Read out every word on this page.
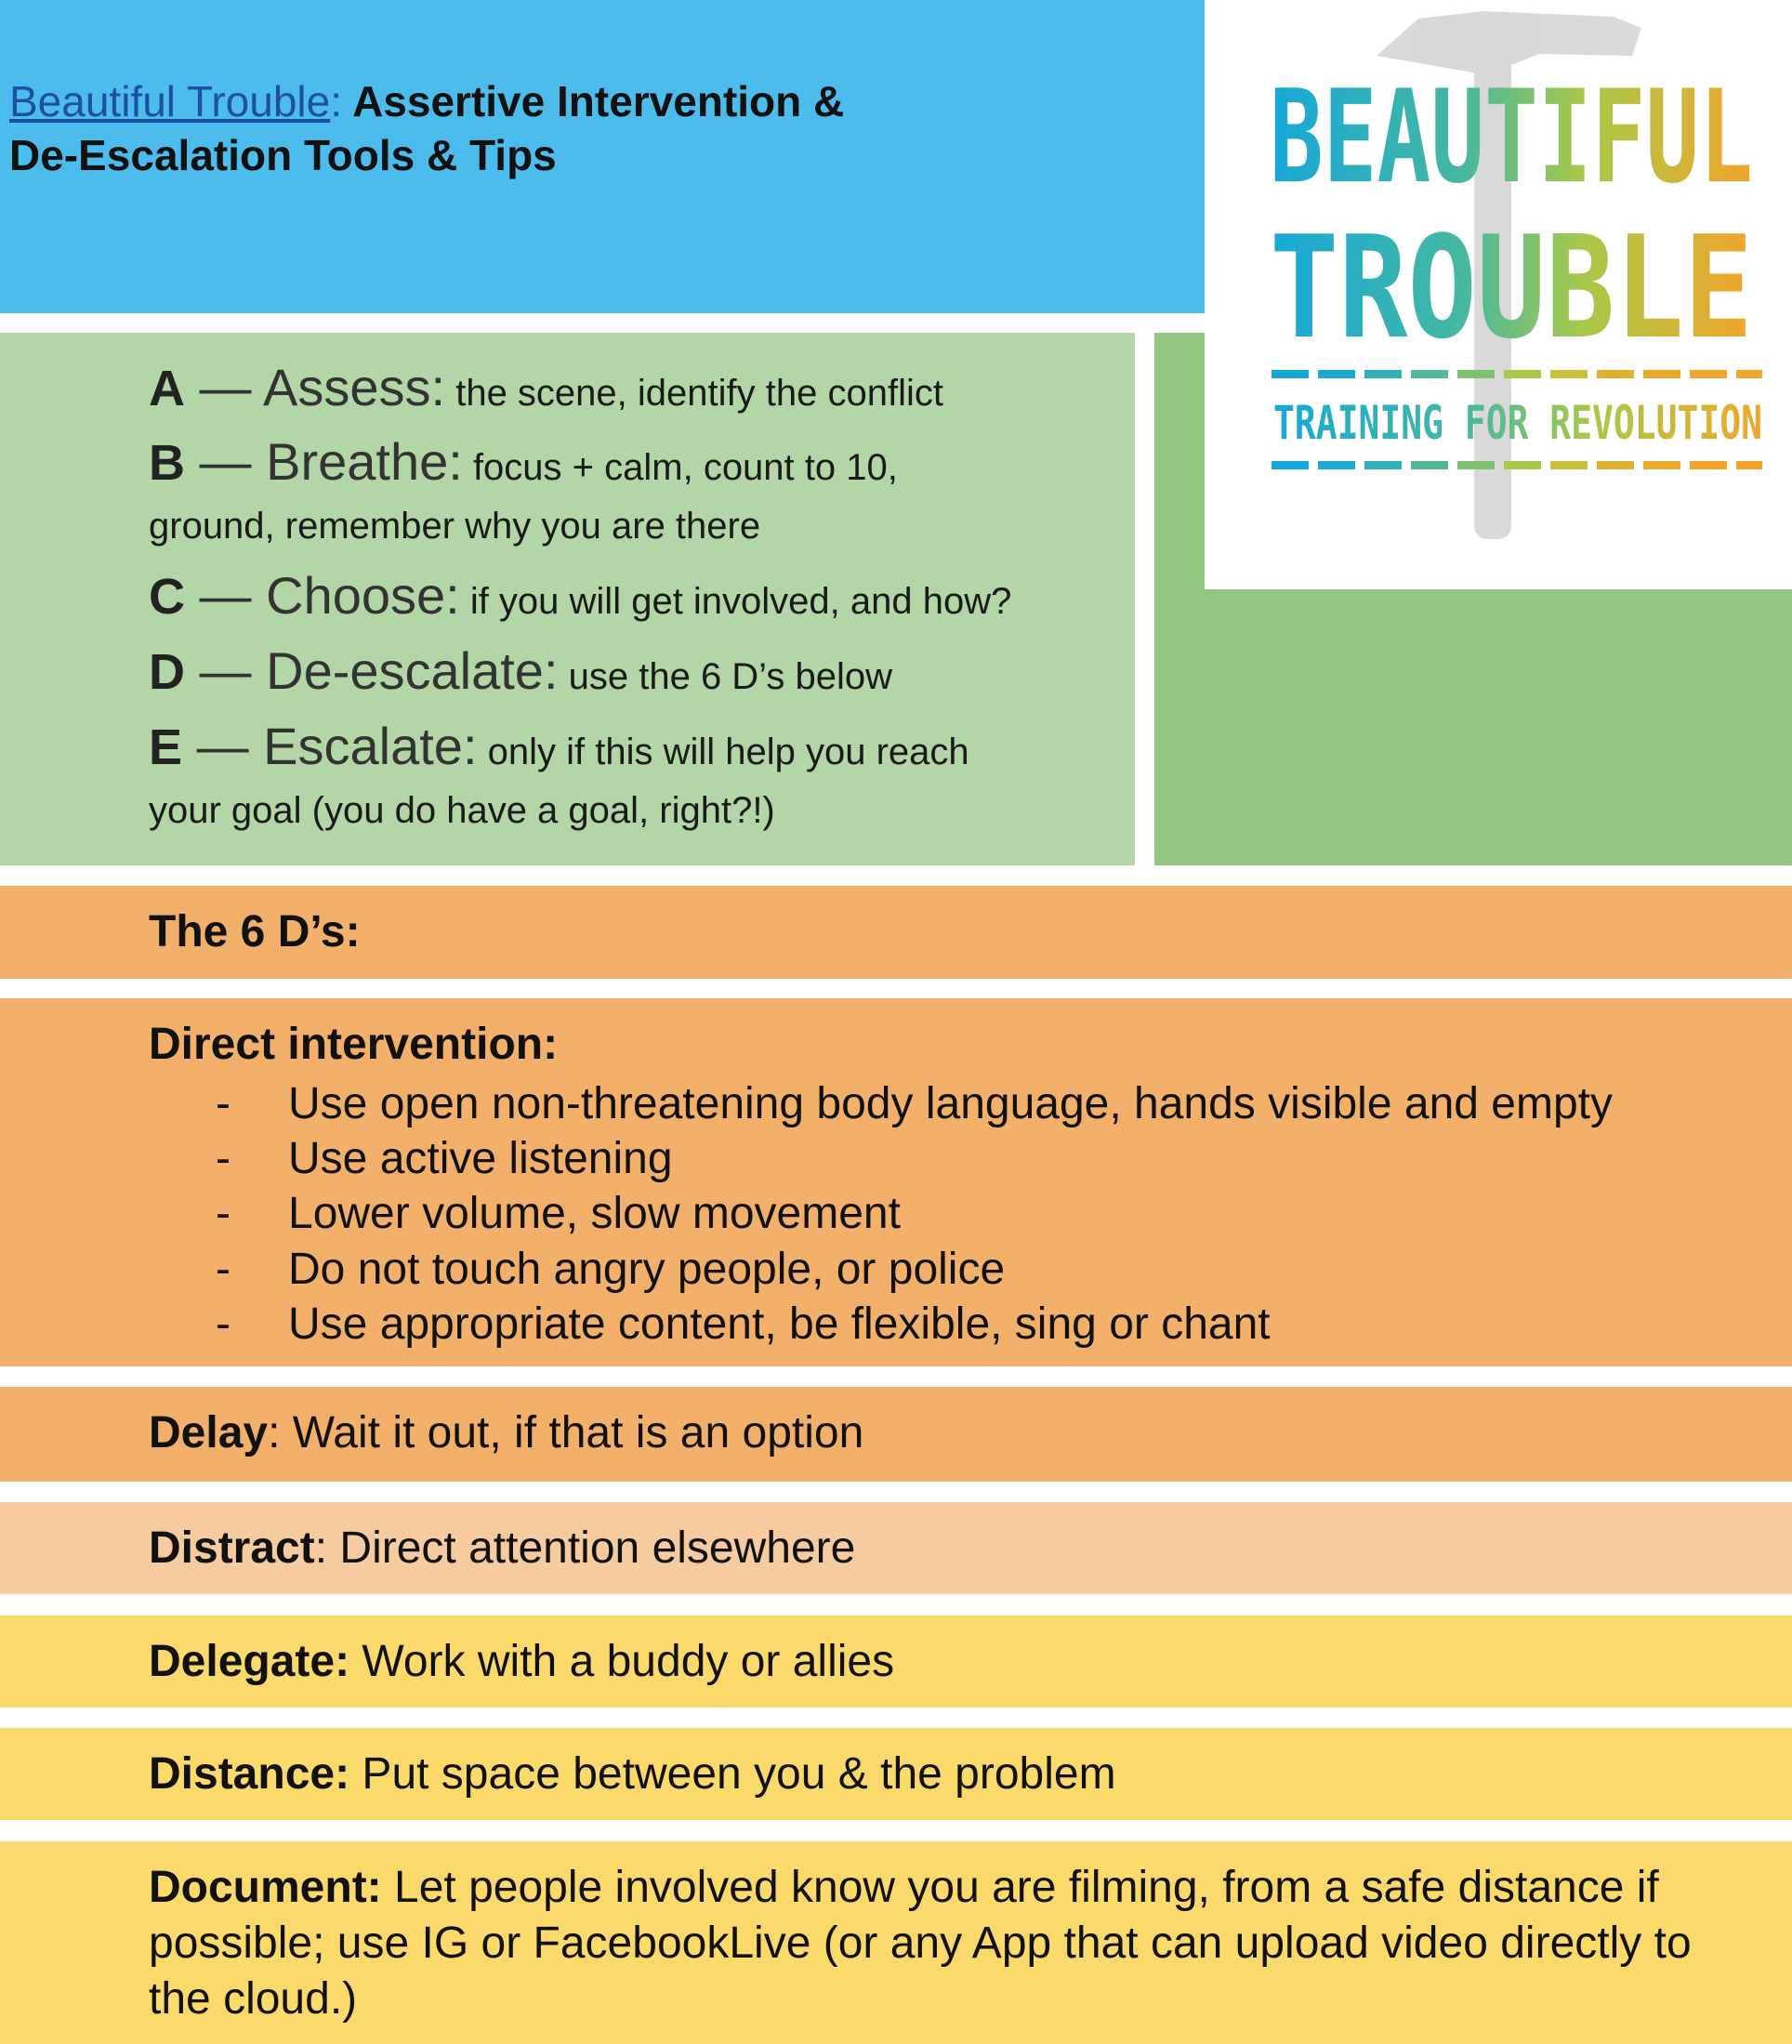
Beautiful Trouble: Assertive Intervention &
De-Escalation Tools & Tips	BEAUTIFUL
TROUBLE
TRAINING FOR REVOLUTION
A — Assess: the scene, identify the conflict
B — Breathe: focus + calm, count to 10,
ground, remember why you are there
C — Choose: if you will get involved, and how?
D — De-escalate: use the 6 D’s below
E — Escalate: only if this will help you reach
your goal (you do have a goal, right?!)
The 6 D’s:
Direct intervention:
- Use open non-threatening body language, hands visible and empty
- Use active listening
- Lower volume, slow movement
- Do not touch angry people, or police
- Use appropriate content, be flexible, sing or chant
Delay: Wait it out, if that is an option
Distract: Direct attention elsewhere
Delegate: Work with a buddy or allies
Distance: Put space between you & the problem
Document: Let people involved know you are filming, from a safe distance if
possible; use IG or FacebookLive (or any App that can upload video directly to
the cloud.)
